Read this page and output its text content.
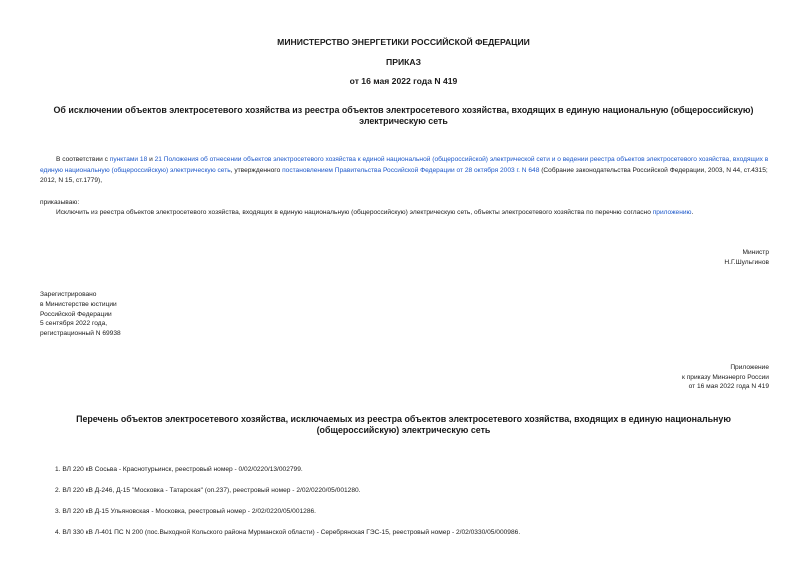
МИНИСТЕРСТВО ЭНЕРГЕТИКИ РОССИЙСКОЙ ФЕДЕРАЦИИ
ПРИКАЗ
от 16 мая 2022 года N 419
Об исключении объектов электросетевого хозяйства из реестра объектов электросетевого хозяйства, входящих в единую национальную (общероссийскую) электрическую сеть
В соответствии с пунктами 18 и 21 Положения об отнесении объектов электросетевого хозяйства к единой национальной (общероссийской) электрической сети и о ведении реестра объектов электросетевого хозяйства, входящих в единую национальную (общероссийскую) электрическую сеть, утвержденного постановлением Правительства Российской Федерации от 28 октября 2003 г. N 648 (Собрание законодательства Российской Федерации, 2003, N 44, ст.4315; 2012, N 15, ст.1779),
приказываю:
Исключить из реестра объектов электросетевого хозяйства, входящих в единую национальную (общероссийскую) электрическую сеть, объекты электросетевого хозяйства по перечню согласно приложению.
Министр
Н.Г.Шульгинов
Зарегистрировано
в Министерстве юстиции
Российской Федерации
5 сентября 2022 года,
регистрационный N 69938
Приложение
к приказу Минэнерго России
от 16 мая 2022 года N 419
Перечень объектов электросетевого хозяйства, исключаемых из реестра объектов электросетевого хозяйства, входящих в единую национальную (общероссийскую) электрическую сеть
1. ВЛ 220 кВ Сосьва - Краснотурьинск, реестровый номер - 0/02/0220/13/002799.
2. ВЛ 220 кВ Д-246, Д-15 "Московка - Татарская" (оп.237), реестровый номер - 2/02/0220/05/001280.
3. ВЛ 220 кВ Д-15 Ульяновская - Московка, реестровый номер - 2/02/0220/05/001286.
4. ВЛ 330 кВ Л-401 ПС N 200 (пос.Выходной Кольского района Мурманской области) - Серебрянская ГЭС-15, реестровый номер - 2/02/0330/05/000986.
